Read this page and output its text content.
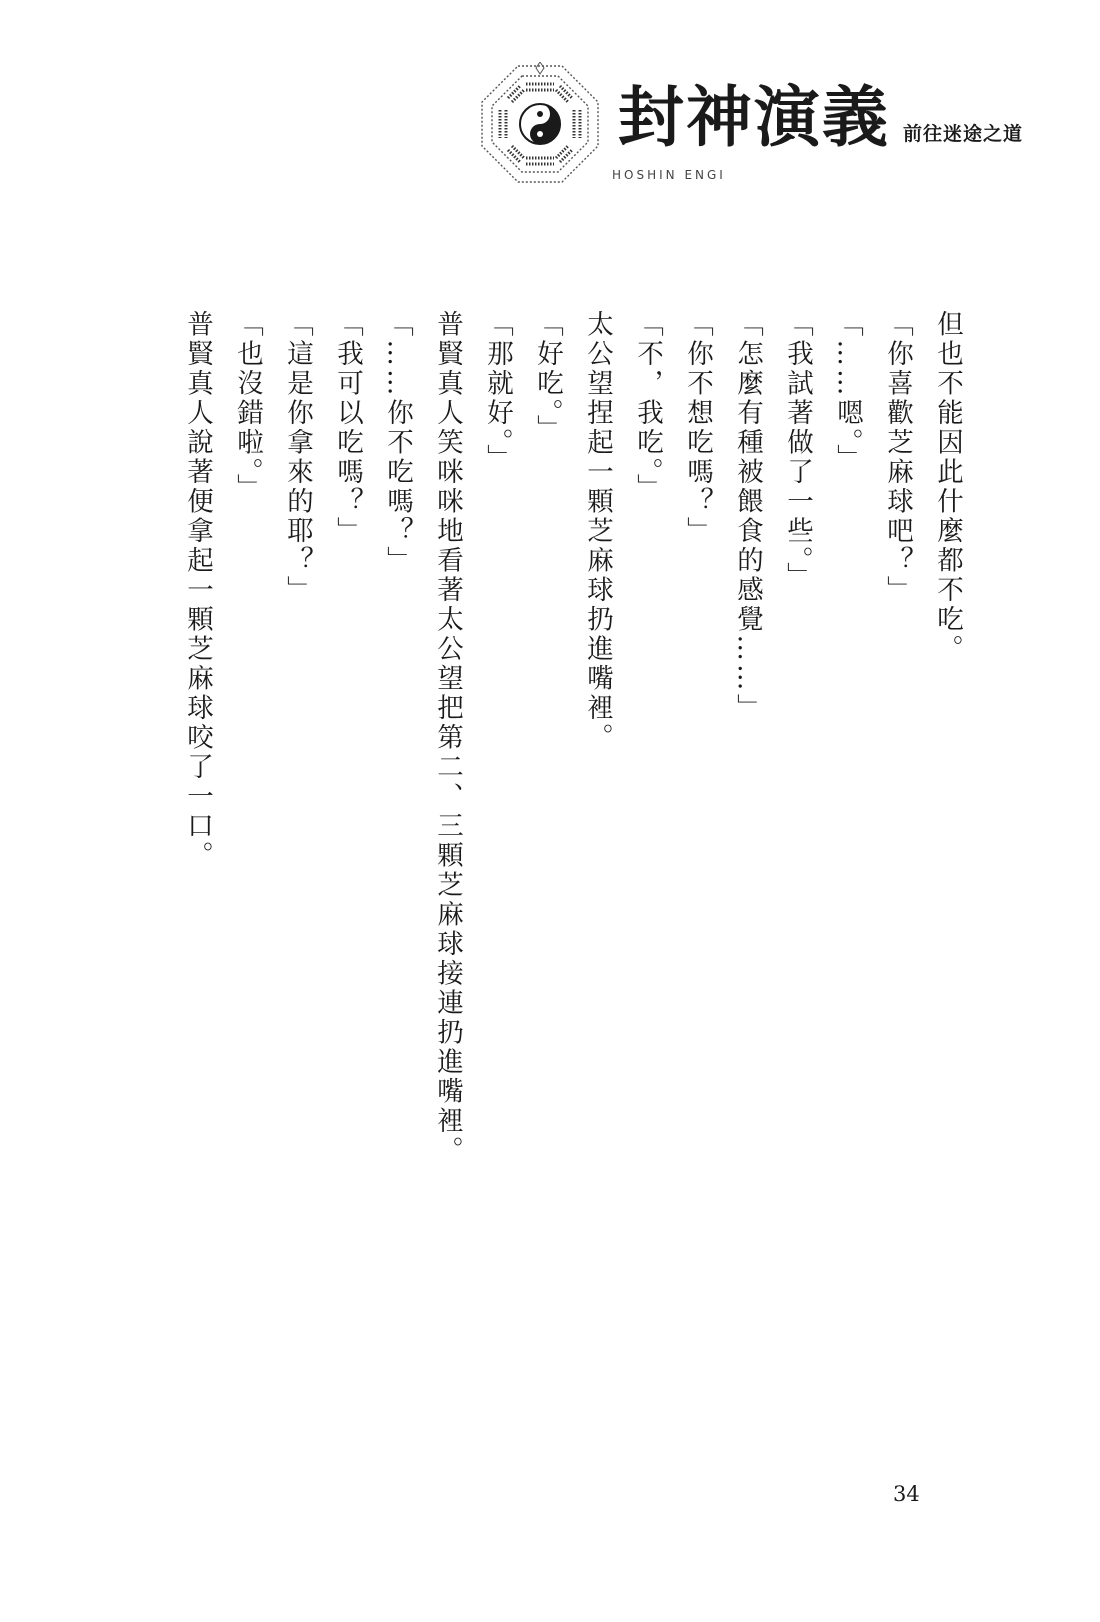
封神演義
HOSHIN ENGI
前往迷途之道

但也不能因此什麼都不吃。

「你喜歡芝麻球吧？」

「……嗯。」

「我試著做了一些。」

「怎麼有種被餵食的感覺……」

「你不想吃嗎？」

「不，我吃。」

太公望捏起一顆芝麻球扔進嘴裡。

「好吃。」

「那就好。」

普賢真人笑咪咪地看著太公望把第二、三顆芝麻球接連扔進嘴裡。

「……你不吃嗎？」

「我可以吃嗎？」

「這是你拿來的耶？」

「也沒錯啦。」

普賢真人說著便拿起一顆芝麻球咬了一口。

34
